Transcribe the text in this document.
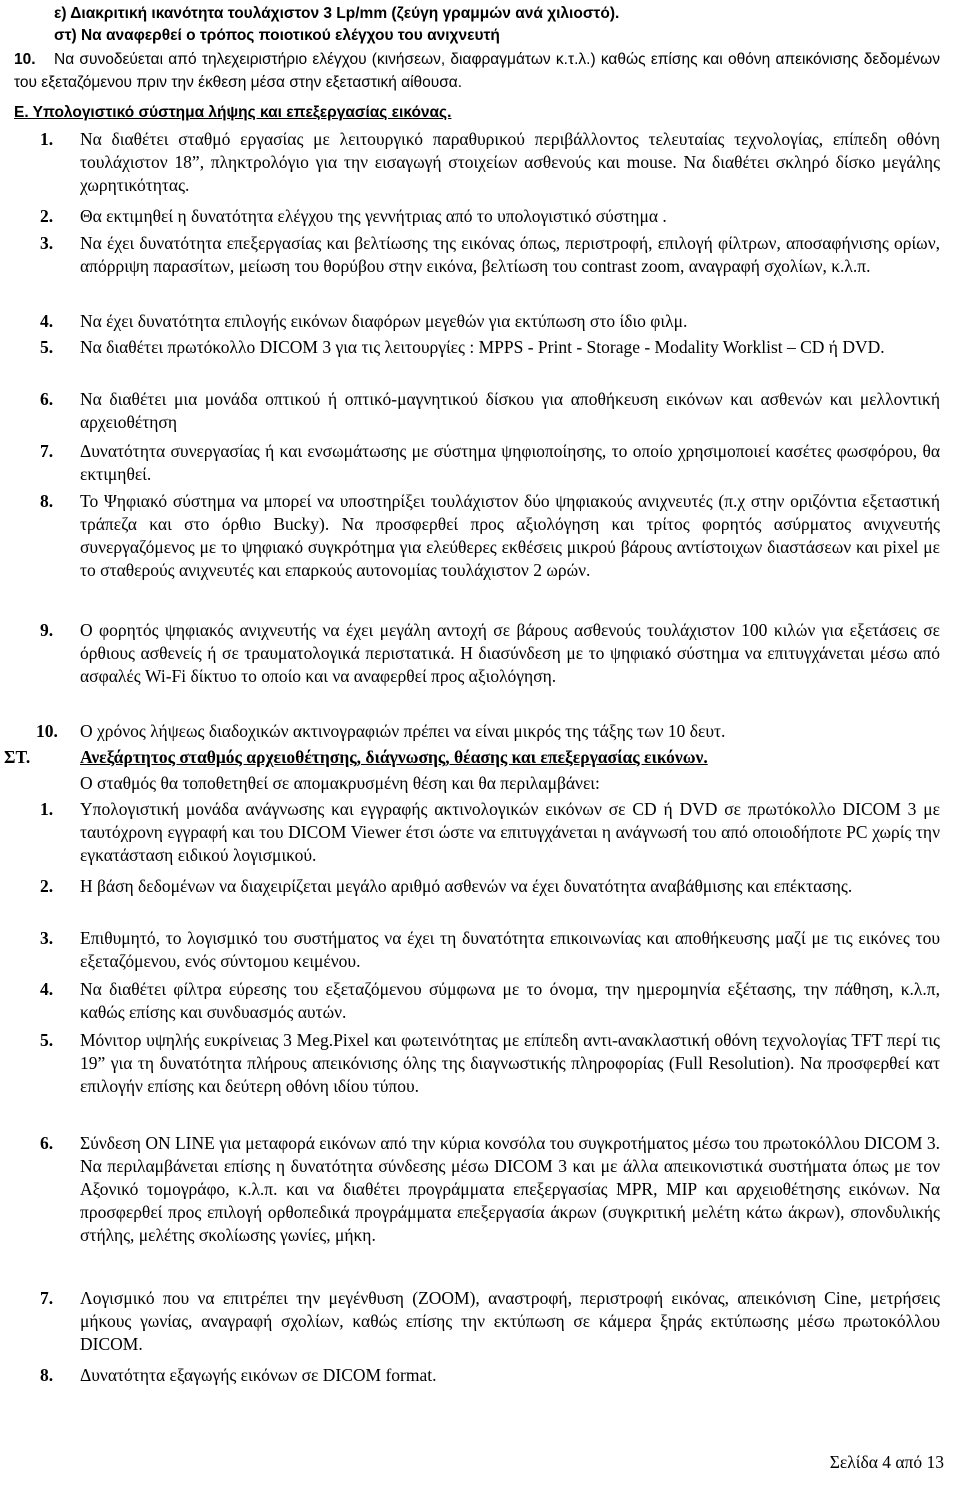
ε) Διακριτική ικανότητα τουλάχιστον 3 Lp/mm (ζεύγη γραμμών ανά χιλιοστό).
στ) Να αναφερθεί ο τρόπος ποιοτικού ελέγχου του ανιχνευτή
10.	Να συνοδεύεται από τηλεχειριστήριο ελέγχου (κινήσεων, διαφραγμάτων κ.τ.λ.) καθώς επίσης και οθόνη απεικόνισης δεδομένων του εξεταζόμενου πριν την έκθεση μέσα στην εξεταστική αίθουσα.
Ε. Υπολογιστικό σύστημα λήψης και επεξεργασίας εικόνας.
1. Να διαθέτει σταθμό εργασίας με λειτουργικό παραθυρικού περιβάλλοντος τελευταίας τεχνολογίας, επίπεδη οθόνη τουλάχιστον 18”, πληκτρολόγιο για την εισαγωγή στοιχείων ασθενούς και mouse. Να διαθέτει σκληρό δίσκο μεγάλης χωρητικότητας.
2. Θα εκτιμηθεί η δυνατότητα ελέγχου της γεννήτριας από το υπολογιστικό σύστημα .
3. Να έχει δυνατότητα επεξεργασίας και βελτίωσης της εικόνας όπως, περιστροφή, επιλογή φίλτρων, αποσαφήνισης ορίων, απόρριψη παρασίτων, μείωση του θορύβου στην εικόνα, βελτίωση του contrast zoom, αναγραφή σχολίων, κ.λ.π.
4. Να έχει δυνατότητα επιλογής εικόνων διαφόρων μεγεθών για εκτύπωση στο ίδιο φιλμ.
5. Να διαθέτει πρωτόκολλο DICOM 3 για τις λειτουργίες : MPPS - Print - Storage - Modality Worklist – CD ή DVD.
6. Να διαθέτει μια μονάδα οπτικού ή οπτικό-μαγνητικού δίσκου για αποθήκευση εικόνων και ασθενών και μελλοντική αρχειοθέτηση
7. Δυνατότητα συνεργασίας ή και ενσωμάτωσης με σύστημα ψηφιοποίησης, το οποίο χρησιμοποιεί κασέτες φωσφόρου, θα εκτιμηθεί.
8. Το Ψηφιακό σύστημα να μπορεί να υποστηρίξει τουλάχιστον δύο ψηφιακούς ανιχνευτές (π.χ στην οριζόντια εξεταστική τράπεζα και στο όρθιο Bucky). Να προσφερθεί προς αξιολόγηση και τρίτος φορητός ασύρματος ανιχνευτής συνεργαζόμενος με το ψηφιακό συγκρότημα για ελεύθερες εκθέσεις μικρού βάρους αντίστοιχων διαστάσεων και pixel με το σταθερούς ανιχνευτές και επαρκούς αυτονομίας τουλάχιστον 2 ωρών.
9. Ο φορητός ψηφιακός ανιχνευτής να έχει μεγάλη αντοχή σε βάρους ασθενούς τουλάχιστον 100 κιλών για εξετάσεις σε όρθιους ασθενείς ή σε τραυματολογικά περιστατικά. Η διασύνδεση με το ψηφιακό σύστημα να επιτυγχάνεται μέσω από ασφαλές Wi-Fi δίκτυο το οποίο και να αναφερθεί προς αξιολόγηση.
10. Ο χρόνος λήψεως διαδοχικών ακτινογραφιών πρέπει να είναι μικρός της τάξης των 10 δευτ.
ΣΤ.	Ανεξάρτητος σταθμός αρχειοθέτησης, διάγνωσης, θέασης και επεξεργασίας εικόνων.
Ο σταθμός θα τοποθετηθεί σε απομακρυσμένη θέση και θα περιλαμβάνει:
1. Υπολογιστική μονάδα ανάγνωσης και εγγραφής ακτινολογικών εικόνων σε CD ή DVD σε πρωτόκολλο DICOM 3 με ταυτόχρονη εγγραφή και του DICOM Viewer έτσι ώστε να επιτυγχάνεται η ανάγνωσή του από οποιοδήποτε PC χωρίς την εγκατάσταση ειδικού λογισμικού.
2. Η βάση δεδομένων να διαχειρίζεται μεγάλο αριθμό ασθενών να έχει δυνατότητα αναβάθμισης και επέκτασης.
3. Επιθυμητό, το λογισμικό του συστήματος να έχει τη δυνατότητα επικοινωνίας και αποθήκευσης μαζί με τις εικόνες του εξεταζόμενου, ενός σύντομου κειμένου.
4. Να διαθέτει φίλτρα εύρεσης του εξεταζόμενου σύμφωνα με το όνομα, την ημερομηνία εξέτασης, την πάθηση, κ.λ.π, καθώς επίσης και συνδυασμός αυτών.
5. Μόνιτορ υψηλής ευκρίνειας 3 Meg.Pixel και φωτεινότητας με επίπεδη αντι-ανακλαστική οθόνη τεχνολογίας TFT περί τις 19” για τη δυνατότητα πλήρους απεικόνισης όλης της διαγνωστικής πληροφορίας (Full Resolution). Να προσφερθεί κατ επιλογήν επίσης και δεύτερη οθόνη ιδίου τύπου.
6. Σύνδεση ON LINE για μεταφορά εικόνων από την κύρια κονσόλα του συγκροτήματος μέσω του πρωτοκόλλου DICOM 3. Να περιλαμβάνεται επίσης η δυνατότητα σύνδεσης μέσω DICOM 3 και με άλλα απεικονιστικά συστήματα όπως με τον Αξονικό τομογράφο, κ.λ.π. και να διαθέτει προγράμματα επεξεργασίας MPR, MIP και αρχειοθέτησης εικόνων. Να προσφερθεί προς επιλογή ορθοπεδικά προγράμματα επεξεργασία άκρων (συγκριτική μελέτη κάτω άκρων), σπονδυλικής στήλης, μελέτης σκολίωσης γωνίες, μήκη.
7. Λογισμικό που να επιτρέπει την μεγένθυση (ZOOM), αναστροφή, περιστροφή εικόνας, απεικόνιση Cine, μετρήσεις μήκους γωνίας, αναγραφή σχολίων, καθώς επίσης την εκτύπωση σε κάμερα ξηράς εκτύπωσης μέσω πρωτοκόλλου DICOM.
8. Δυνατότητα εξαγωγής εικόνων σε DICOM format.
Σελίδα 4 από 13
